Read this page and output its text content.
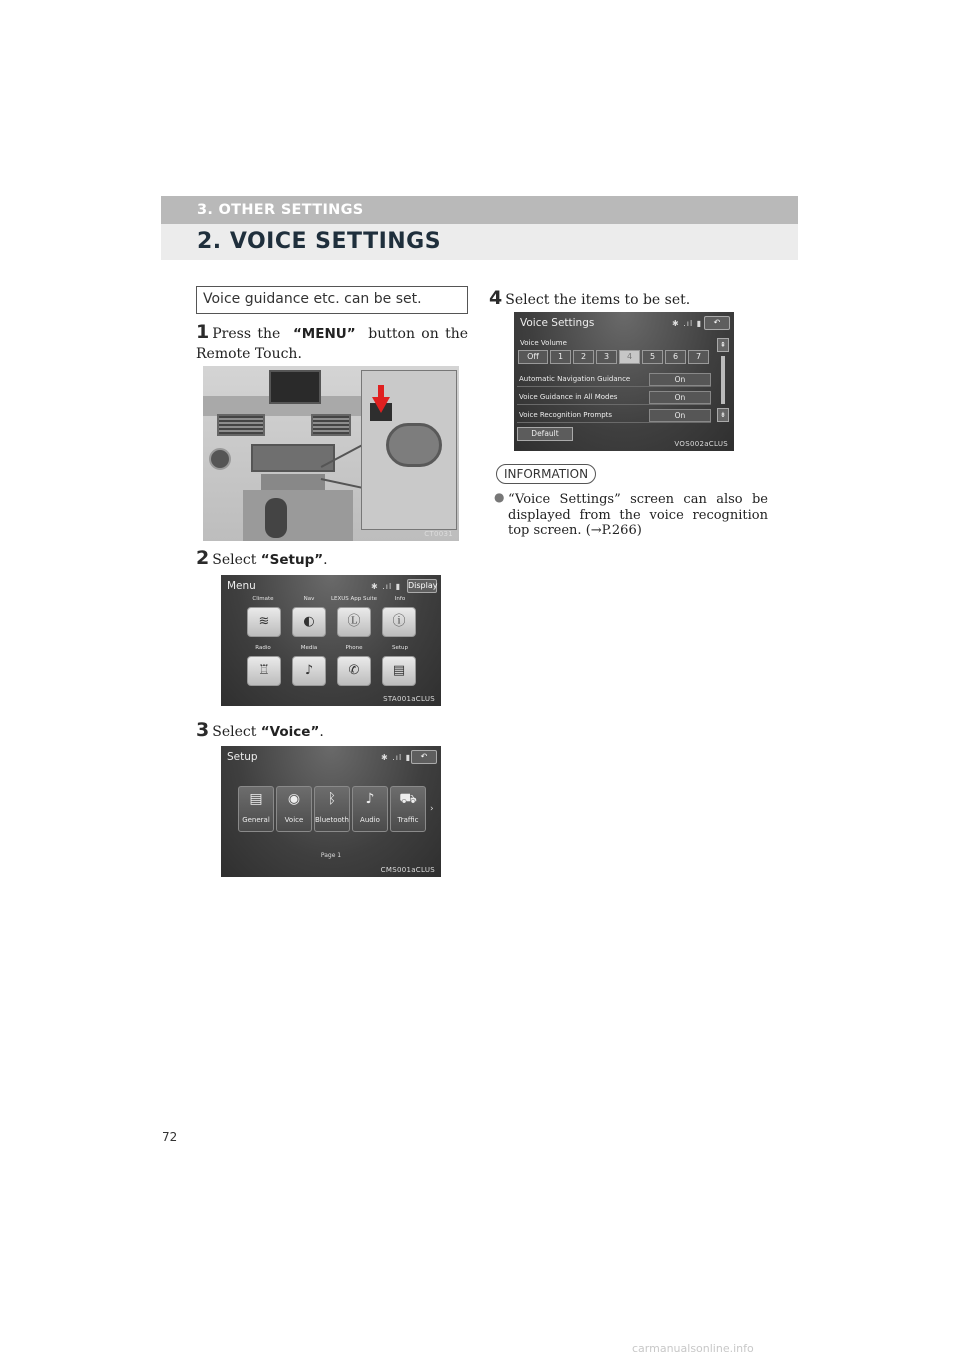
3. OTHER SETTINGS
2. VOICE SETTINGS
Voice guidance etc. can be set.
1 Press the “MENU” button on the Remote Touch.
CT0031
2 Select “Setup”.
Menu	✱ .ıl ▮ Display
Climate	Nav	LEXUS App Suite	Info
≋	◐	Ⓛ	ⓘ
Radio	Media	Phone	Setup
♖	♪	✆	▤
STA001aCLUS
3 Select “Voice”.
Setup	✱ .ıl ▮	↶
▤
General
◉
Voice
ᛒ
Bluetooth
♪
Audio
⛟
Traffic
›
Page 1
CMS001aCLUS
4 Select the items to be set.
Voice Settings	✱ .ıl ▮	↶
Voice Volume
Off	1	2	3	4	5	6	7
Automatic Navigation Guidance	On
Voice Guidance in All Modes	On
Voice Recognition Prompts	On
Default
⇞
⇟
VOS002aCLUS
INFORMATION
● “Voice Settings” screen can also be displayed from the voice recognition top screen. (→P.266)
72
carmanualsonline.info
